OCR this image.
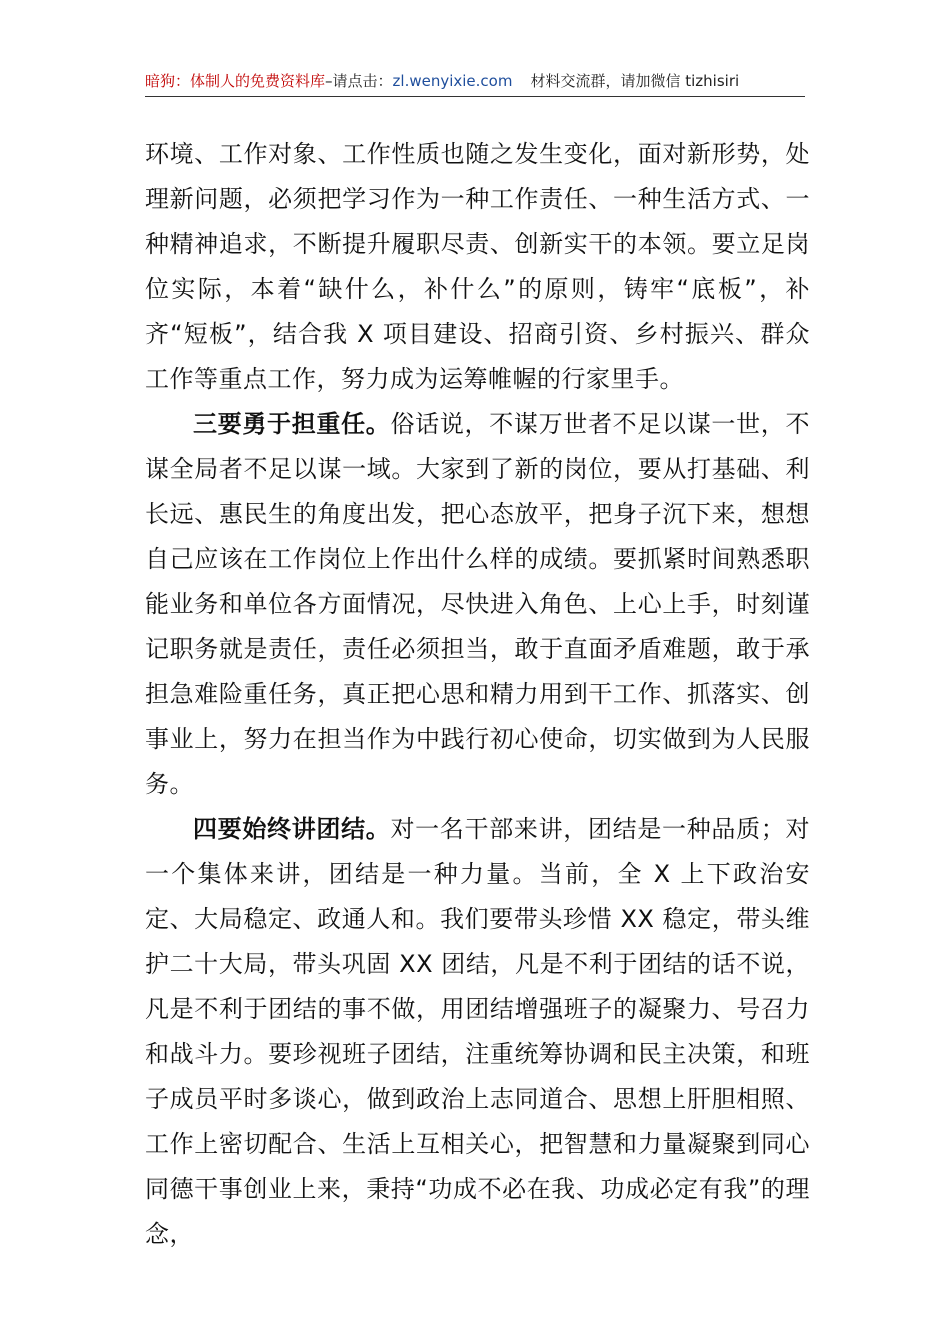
暗狗：体制人的免费资料库–请点击：zl.wenyixie.com 材料交流群，请加微信 tizhisiri

环境、工作对象、工作性质也随之发生变化，面对新形势，处理新问题，必须把学习作为一种工作责任、一种生活方式、一种精神追求，不断提升履职尽责、创新实干的本领。要立足岗位实际，本着“缺什么，补什么”的原则，铸牢“底板”，补齐“短板”，结合我 X 项目建设、招商引资、乡村振兴、群众工作等重点工作，努力成为运筹帷幄的行家里手。

三要勇于担重任。俗话说，不谋万世者不足以谋一世，不谋全局者不足以谋一域。大家到了新的岗位，要从打基础、利长远、惠民生的角度出发，把心态放平，把身子沉下来，想想自己应该在工作岗位上作出什么样的成绩。要抓紧时间熟悉职能业务和单位各方面情况，尽快进入角色、上心上手，时刻谨记职务就是责任，责任必须担当，敢于直面矛盾难题，敢于承担急难险重任务，真正把心思和精力用到干工作、抓落实、创事业上，努力在担当作为中践行初心使命，切实做到为人民服务。

四要始终讲团结。对一名干部来讲，团结是一种品质；对一个集体来讲，团结是一种力量。当前，全 X 上下政治安定、大局稳定、政通人和。我们要带头珍惜 XX 稳定，带头维护二十大局，带头巩固 XX 团结，凡是不利于团结的话不说，凡是不利于团结的事不做，用团结增强班子的凝聚力、号召力和战斗力。要珍视班子团结，注重统筹协调和民主决策，和班子成员平时多谈心，做到政治上志同道合、思想上肝胆相照、工作上密切配合、生活上互相关心，把智慧和力量凝聚到同心同德干事创业上来，秉持“功成不必在我、功成必定有我”的理念，
